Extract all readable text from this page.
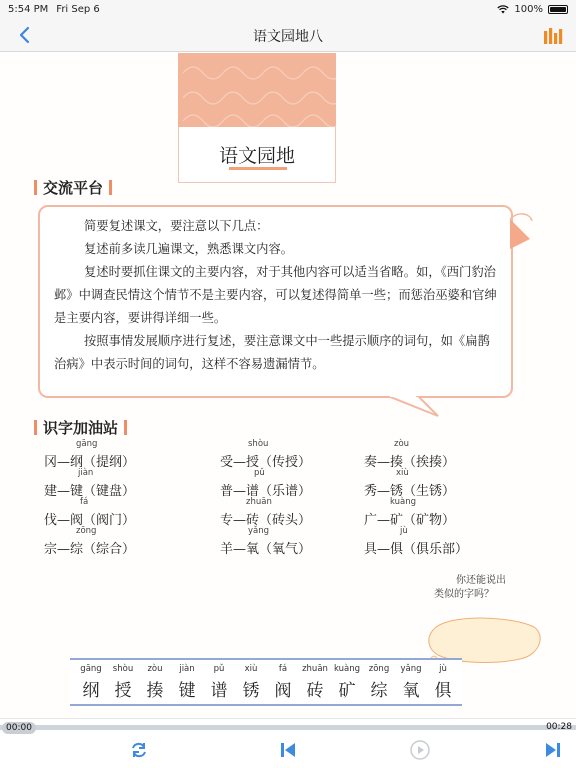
5:54 PM Fri Sep 6	100%
语文园地八
语文园地
交流平台

简要复述课文，要注意以下几点：

复述前多读几遍课文，熟悉课文内容。

复述时要抓住课文的主要内容，对于其他内容可以适当省略。如，《西门豹治邺》中调查民情这个情节不是主要内容，可以复述得简单一些；而惩治巫婆和官绅是主要内容，要讲得详细一些。

按照事情发展顺序进行复述，要注意课文中一些提示顺序的词句，如《扁鹊治病》中表示时间的词句，这样不容易遗漏情节。

识字加油站
gāng
冈—纲（提纲）
shòu
受—授（传授）
zòu
奏—揍（挨揍）
jiàn
建—键（键盘）
pǔ
普—谱（乐谱）
xiù
秀—锈（生锈）
fá
伐—阀（阀门）
zhuān
专—砖（砖头）
kuàng
广—矿（矿物）
zōng
宗—综（综合）
yǎng
羊—氧（氧气）
jù
具—俱（俱乐部）
你还能说出
类似的字吗？
gāng
纲
shòu
授
zòu
揍
jiàn
键
pǔ
谱
xiù
锈
fá
阀
zhuān
砖
kuàng
矿
zōng
综
yǎng
氧
jù
俱
00:00	00:28
